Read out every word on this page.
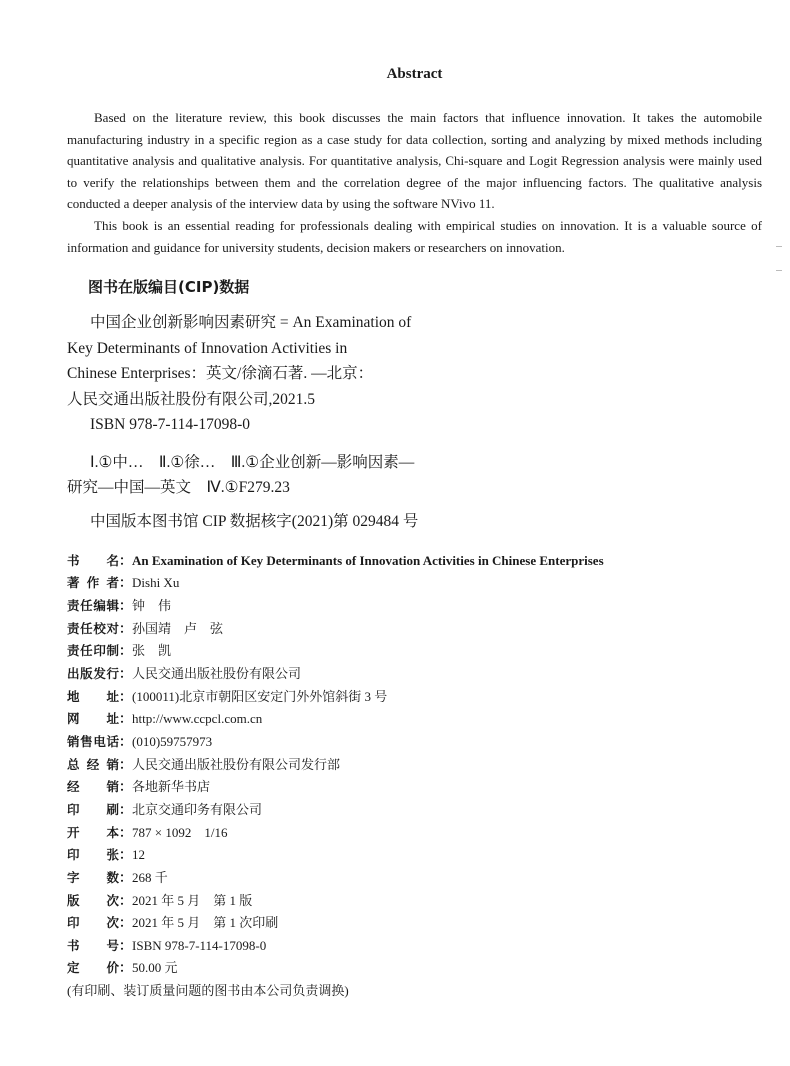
Abstract

Based on the literature review, this book discusses the main factors that influence innovation. It takes the automobile manufacturing industry in a specific region as a case study for data collection, sorting and analyzing by mixed methods including quantitative analysis and qualitative analysis. For quantitative analysis, Chi-square and Logit Regression analysis were mainly used to verify the relationships between them and the correlation degree of the major influencing factors. The qualitative analysis conducted a deeper analysis of the interview data by using the software NVivo 11.

This book is an essential reading for professionals dealing with empirical studies on innovation. It is a valuable source of information and guidance for university students, decision makers or researchers on innovation.

图书在版编目(CIP)数据
中国企业创新影响因素研究 = An Examination of
Key Determinants of Innovation Activities in
Chinese Enterprises：英文/徐滴石著. —北京：
人民交通出版社股份有限公司,2021.5
ISBN 978-7-114-17098-0
Ⅰ.①中…　Ⅱ.①徐…　Ⅲ.①企业创新—影响因素—
研究—中国—英文　Ⅳ.①F279.23
中国版本图书馆 CIP 数据核字(2021)第 029484 号
书名 ： An Examination of Key Determinants of Innovation Activities in Chinese Enterprises
著作者 ： Dishi Xu
责任编辑 ： 钟　伟
责任校对 ： 孙国靖　卢　弦
责任印制 ： 张　凯
出版发行 ： 人民交通出版社股份有限公司
地址 ： (100011)北京市朝阳区安定门外外馆斜街 3 号
网址 ： http://www.ccpcl.com.cn
销售电话 ： (010)59757973
总经销 ： 人民交通出版社股份有限公司发行部
经销 ： 各地新华书店
印刷 ： 北京交通印务有限公司
开本 ： 787 × 1092　1/16
印张 ： 12
字数 ： 268 千
版次 ： 2021 年 5 月　第 1 版
印次 ： 2021 年 5 月　第 1 次印刷
书号 ： ISBN 978-7-114-17098-0
定价 ： 50.00 元
(有印刷、装订质量问题的图书由本公司负责调换)
